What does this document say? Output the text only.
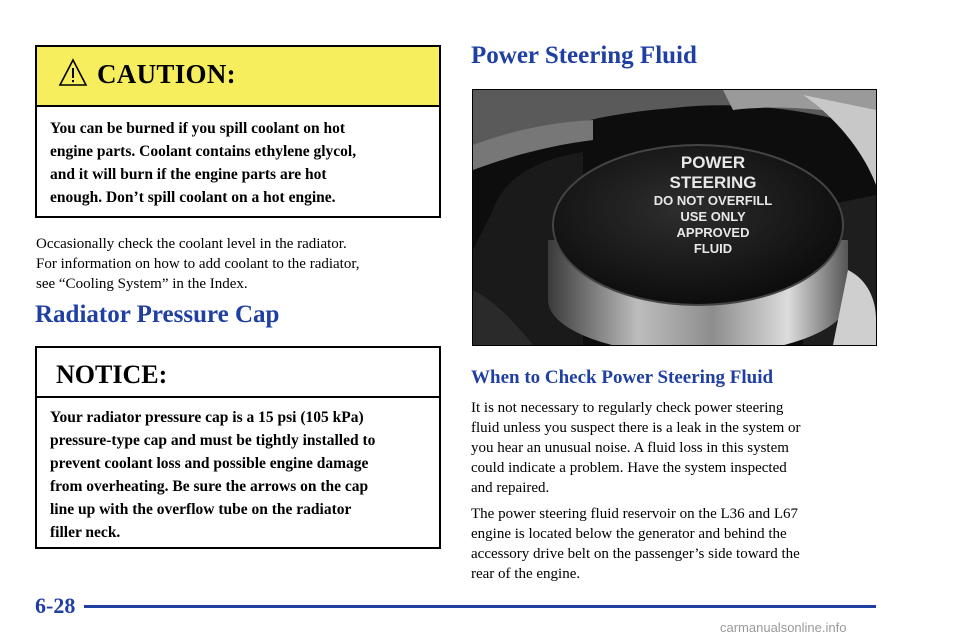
CAUTION:
You can be burned if you spill coolant on hot
engine parts. Coolant contains ethylene glycol,
and it will burn if the engine parts are hot
enough. Don’t spill coolant on a hot engine.
Occasionally check the coolant level in the radiator.
For information on how to add coolant to the radiator,
see “Cooling System” in the Index.
Radiator Pressure Cap
NOTICE:
Your radiator pressure cap is a 15 psi (105 kPa)
pressure-type cap and must be tightly installed to
prevent coolant loss and possible engine damage
from overheating. Be sure the arrows on the cap
line up with the overflow tube on the radiator
filler neck.
Power Steering Fluid
POWER
STEERING
DO NOT OVERFILL
USE ONLY
APPROVED
FLUID
When to Check Power Steering Fluid
It is not necessary to regularly check power steering
fluid unless you suspect there is a leak in the system or
you hear an unusual noise. A fluid loss in this system
could indicate a problem. Have the system inspected
and repaired.
The power steering fluid reservoir on the L36 and L67
engine is located below the generator and behind the
accessory drive belt on the passenger’s side toward the
rear of the engine.
6-28
carmanualsonline.info
